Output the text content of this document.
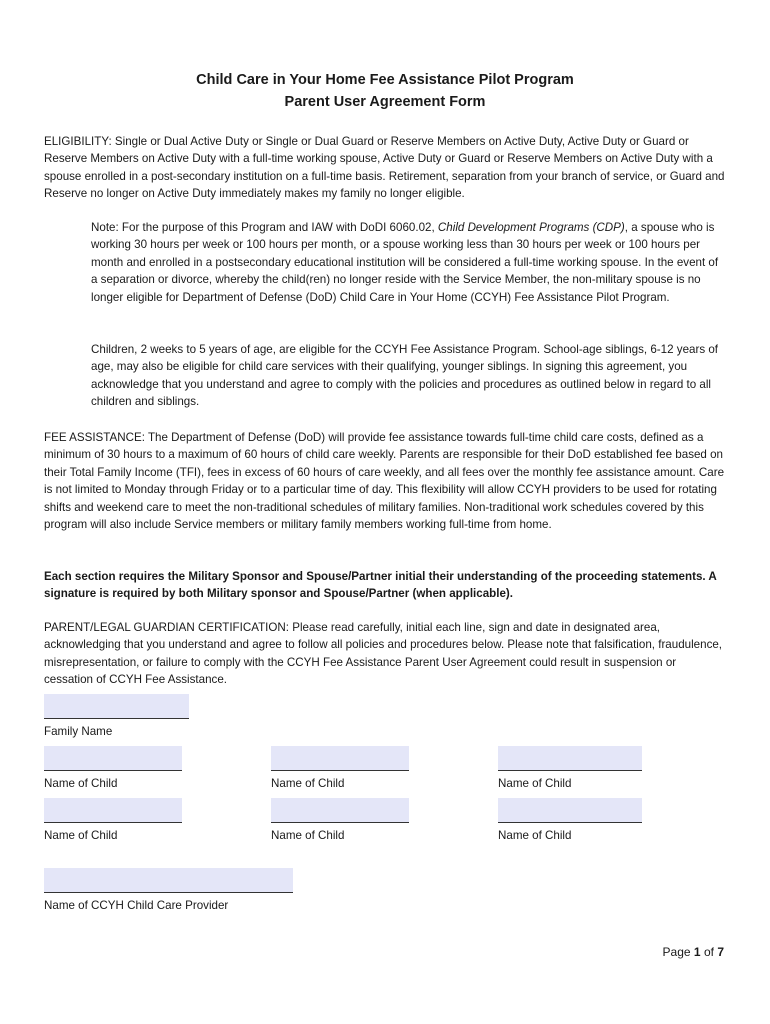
Child Care in Your Home Fee Assistance Pilot Program
Parent User Agreement Form

ELIGIBILITY: Single or Dual Active Duty or Single or Dual Guard or Reserve Members on Active Duty, Active Duty or Guard or Reserve Members on Active Duty with a full-time working spouse, Active Duty or Guard or Reserve Members on Active Duty with a spouse enrolled in a post-secondary institution on a full-time basis. Retirement, separation from your branch of service, or Guard and Reserve no longer on Active Duty immediately makes my family no longer eligible.

Note: For the purpose of this Program and IAW with DoDI 6060.02, Child Development Programs (CDP), a spouse who is working 30 hours per week or 100 hours per month, or a spouse working less than 30 hours per week or 100 hours per month and enrolled in a postsecondary educational institution will be considered a full-time working spouse. In the event of a separation or divorce, whereby the child(ren) no longer reside with the Service Member, the non-military spouse is no longer eligible for Department of Defense (DoD) Child Care in Your Home (CCYH) Fee Assistance Pilot Program.

Children, 2 weeks to 5 years of age, are eligible for the CCYH Fee Assistance Program. School-age siblings, 6-12 years of age, may also be eligible for child care services with their qualifying, younger siblings. In signing this agreement, you acknowledge that you understand and agree to comply with the policies and procedures as outlined below in regard to all children and siblings.

FEE ASSISTANCE: The Department of Defense (DoD) will provide fee assistance towards full-time child care costs, defined as a minimum of 30 hours to a maximum of 60 hours of child care weekly. Parents are responsible for their DoD established fee based on their Total Family Income (TFI), fees in excess of 60 hours of care weekly, and all fees over the monthly fee assistance amount. Care is not limited to Monday through Friday or to a particular time of day. This flexibility will allow CCYH providers to be used for rotating shifts and weekend care to meet the non-traditional schedules of military families. Non-traditional work schedules covered by this program will also include Service members or military family members working full-time from home.

Each section requires the Military Sponsor and Spouse/Partner initial their understanding of the proceeding statements. A signature is required by both Military sponsor and Spouse/Partner (when applicable).

PARENT/LEGAL GUARDIAN CERTIFICATION: Please read carefully, initial each line, sign and date in designated area, acknowledging that you understand and agree to follow all policies and procedures below. Please note that falsification, fraudulence, misrepresentation, or failure to comply with the CCYH Fee Assistance Parent User Agreement could result in suspension or cessation of CCYH Fee Assistance.

Family Name
Name of Child	Name of Child	Name of Child
Name of Child	Name of Child	Name of Child
Name of CCYH Child Care Provider
Page 1 of 7
